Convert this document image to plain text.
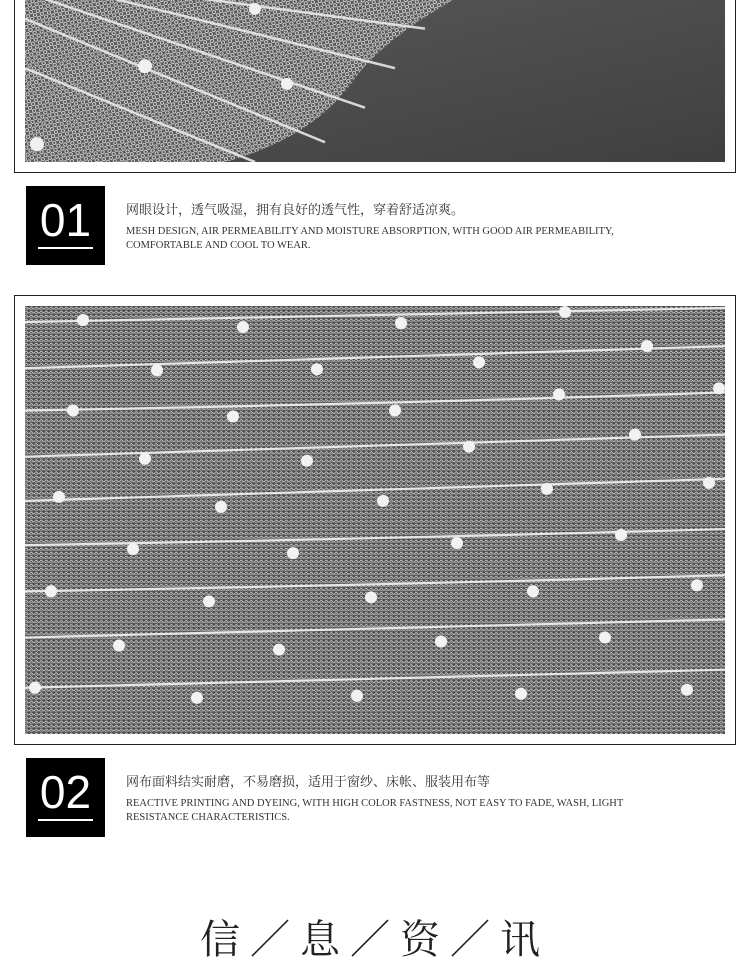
01	网眼设计，透气吸湿，拥有良好的透气性，穿着舒适凉爽。
MESH DESIGN, AIR PERMEABILITY AND MOISTURE ABSORPTION, WITH GOOD AIR PERMEABILITY, COMFORTABLE AND COOL TO WEAR.
02	网布面料结实耐磨，不易磨损，适用于窗纱、床帐、服装用布等
REACTIVE PRINTING AND DYEING, WITH HIGH COLOR FASTNESS, NOT EASY TO FADE, WASH, LIGHT RESISTANCE CHARACTERISTICS.
信／息／资／讯
